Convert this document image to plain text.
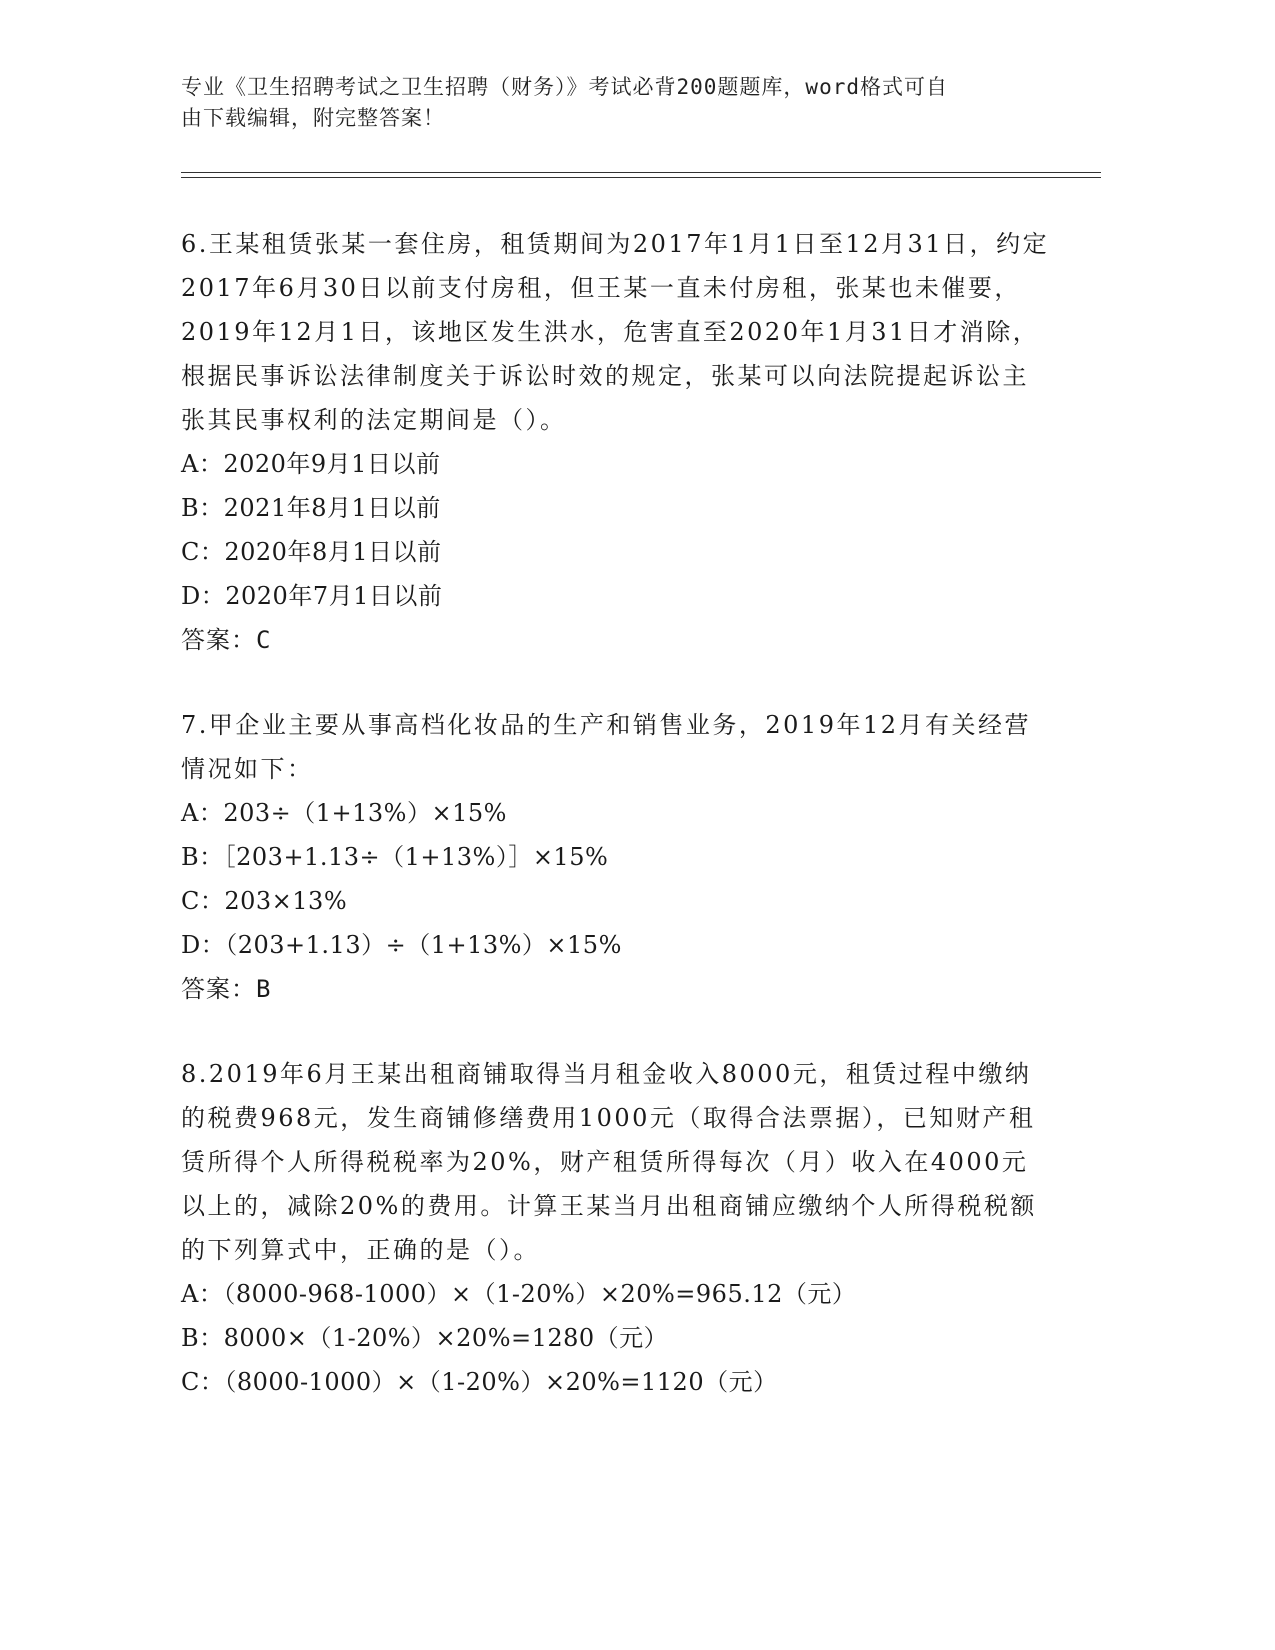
专业《卫生招聘考试之卫生招聘（财务）》考试必背200题题库，word格式可自
由下载编辑，附完整答案！

6.王某租赁张某一套住房，租赁期间为2017年1月1日至12月31日，约定2017年6月30日以前支付房租，但王某一直未付房租，张某也未催要，2019年12月1日，该地区发生洪水，危害直至2020年1月31日才消除，根据民事诉讼法律制度关于诉讼时效的规定，张某可以向法院提起诉讼主张其民事权利的法定期间是（）。

A：2020年9月1日以前

B：2021年8月1日以前

C：2020年8月1日以前

D：2020年7月1日以前

答案：C

7.甲企业主要从事高档化妆品的生产和销售业务，2019年12月有关经营情况如下：

A：203÷（1+13%）×15%

B：［203+1.13÷（1+13%）］×15%

C：203×13%

D：（203+1.13）÷（1+13%）×15%

答案：B

8.2019年6月王某出租商铺取得当月租金收入8000元，租赁过程中缴纳的税费968元，发生商铺修缮费用1000元（取得合法票据），已知财产租赁所得个人所得税税率为20%，财产租赁所得每次（月）收入在4000元以上的，减除20%的费用。计算王某当月出租商铺应缴纳个人所得税税额的下列算式中，正确的是（）。

A：（8000-968-1000）×（1-20%）×20%=965.12（元）

B：8000×（1-20%）×20%=1280（元）

C：（8000-1000）×（1-20%）×20%=1120（元）
